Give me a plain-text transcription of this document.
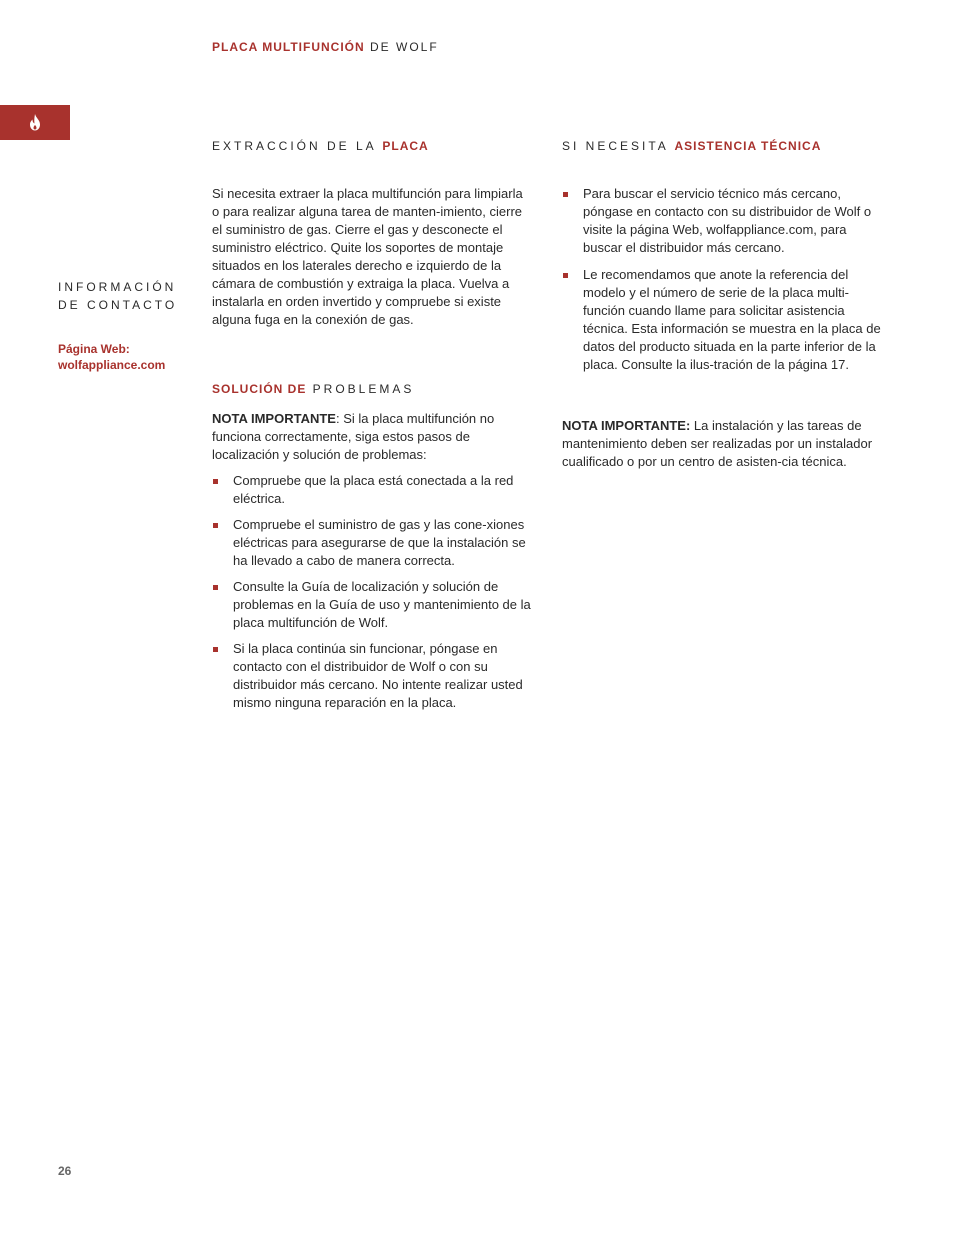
PLACA MULTIFUNCIÓN DE WOLF
INFORMACIÓN
DE CONTACTO
Página Web:
wolfappliance.com
EXTRACCIÓN DE LA PLACA

Si necesita extraer la placa multifunción para limpiarla o para realizar alguna tarea de manten-imiento, cierre el suministro de gas. Cierre el gas y desconecte el suministro eléctrico. Quite los soportes de montaje situados en los laterales derecho e izquierdo de la cámara de combustión y extraiga la placa. Vuelva a instalarla en orden invertido y compruebe si existe alguna fuga en la conexión de gas.

SOLUCIÓN DE PROBLEMAS

NOTA IMPORTANTE: Si la placa multifunción no funciona correctamente, siga estos pasos de localización y solución de problemas:

Compruebe que la placa está conectada a la red eléctrica.
Compruebe el suministro de gas y las cone-xiones eléctricas para asegurarse de que la instalación se ha llevado a cabo de manera correcta.
Consulte la Guía de localización y solución de problemas en la Guía de uso y mantenimiento de la placa multifunción de Wolf.
Si la placa continúa sin funcionar, póngase en contacto con el distribuidor de Wolf o con su distribuidor más cercano. No intente realizar usted mismo ninguna reparación en la placa.
SI NECESITA ASISTENCIA TÉCNICA
Para buscar el servicio técnico más cercano, póngase en contacto con su distribuidor de Wolf o visite la página Web, wolfappliance.com, para buscar el distribuidor más cercano.
Le recomendamos que anote la referencia del modelo y el número de serie de la placa multi-función cuando llame para solicitar asistencia técnica. Esta información se muestra en la placa de datos del producto situada en la parte inferior de la placa. Consulte la ilus-tración de la página 17.

NOTA IMPORTANTE: La instalación y las tareas de mantenimiento deben ser realizadas por un instalador cualificado o por un centro de asisten-cia técnica.

26
